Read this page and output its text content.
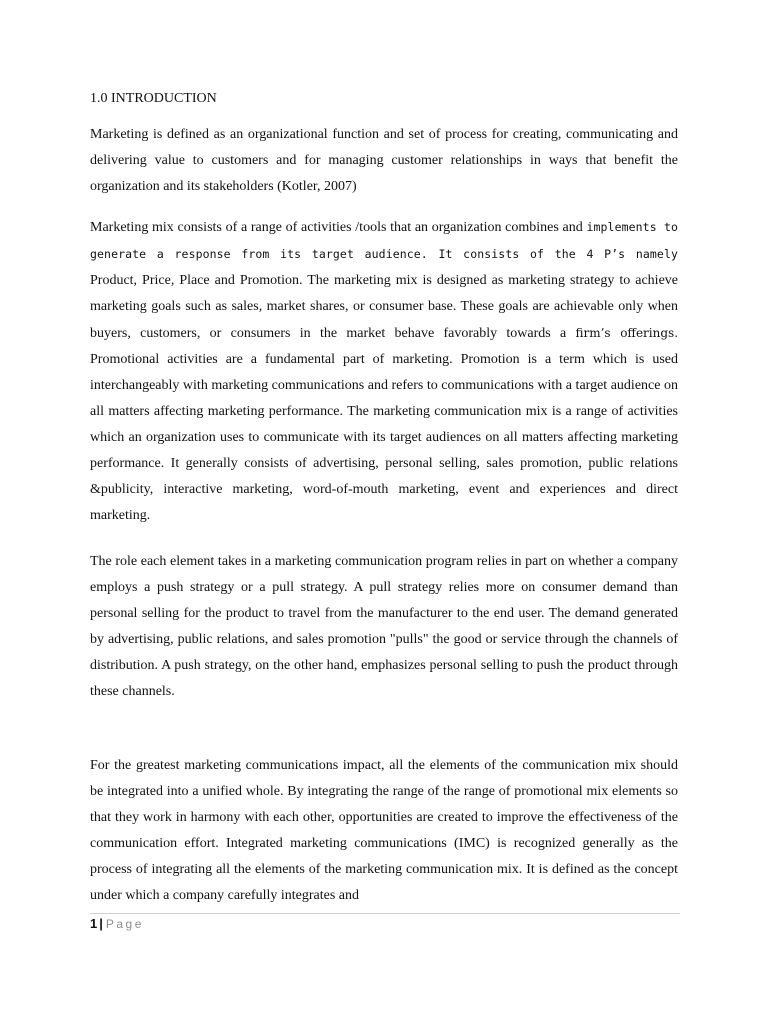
1.0 INTRODUCTION

Marketing is defined as an organizational function and set of process for creating, communicating and delivering value to customers and for managing customer relationships in ways that benefit the organization and its stakeholders (Kotler, 2007)

Marketing mix consists of a range of activities /tools that an organization combines and implements to generate a response from its target audience. It consists of the 4 P’s namely Product, Price, Place and Promotion. The marketing mix is designed as marketing strategy to achieve marketing goals such as sales, market shares, or consumer base. These goals are achievable only when buyers, customers, or consumers in the market behave favorably towards a firm’s offerings. Promotional activities are a fundamental part of marketing. Promotion is a term which is used interchangeably with marketing communications and refers to communications with a target audience on all matters affecting marketing performance. The marketing communication mix is a range of activities which an organization uses to communicate with its target audiences on all matters affecting marketing performance. It generally consists of advertising, personal selling, sales promotion, public relations &publicity, interactive marketing, word-of-mouth marketing, event and experiences and direct marketing.

The role each element takes in a marketing communication program relies in part on whether a company employs a push strategy or a pull strategy. A pull strategy relies more on consumer demand than personal selling for the product to travel from the manufacturer to the end user. The demand generated by advertising, public relations, and sales promotion "pulls" the good or service through the channels of distribution. A push strategy, on the other hand, emphasizes personal selling to push the product through these channels.

For the greatest marketing communications impact, all the elements of the communication mix should be integrated into a unified whole. By integrating the range of the range of promotional mix elements so that they work in harmony with each other, opportunities are created to improve the effectiveness of the communication effort. Integrated marketing communications (IMC) is recognized generally as the process of integrating all the elements of the marketing communication mix. It is defined as the concept under which a company carefully integrates and

1 | Page
